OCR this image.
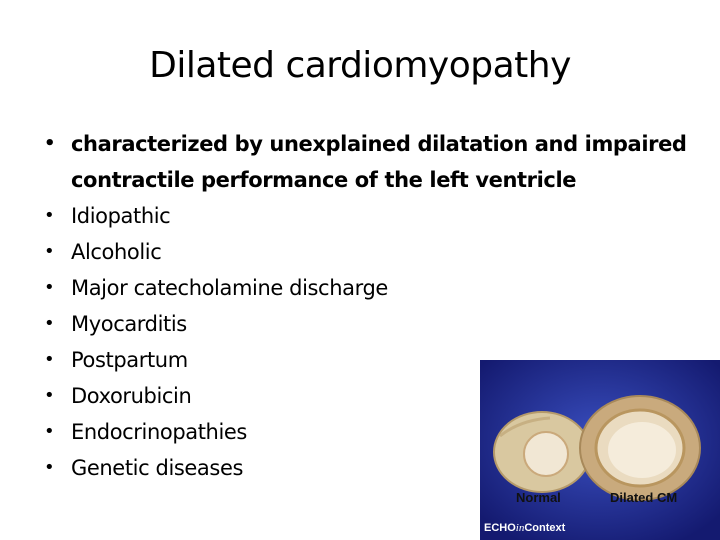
Dilated cardiomyopathy
• characterized by unexplained dilatation and impaired contractile performance of the left ventricle
• Idiopathic
• Alcoholic
• Major catecholamine discharge
• Myocarditis
• Postpartum
• Doxorubicin
• Endocrinopathies
• Genetic diseases
Normal	Dilated CM
ECHOinContext
